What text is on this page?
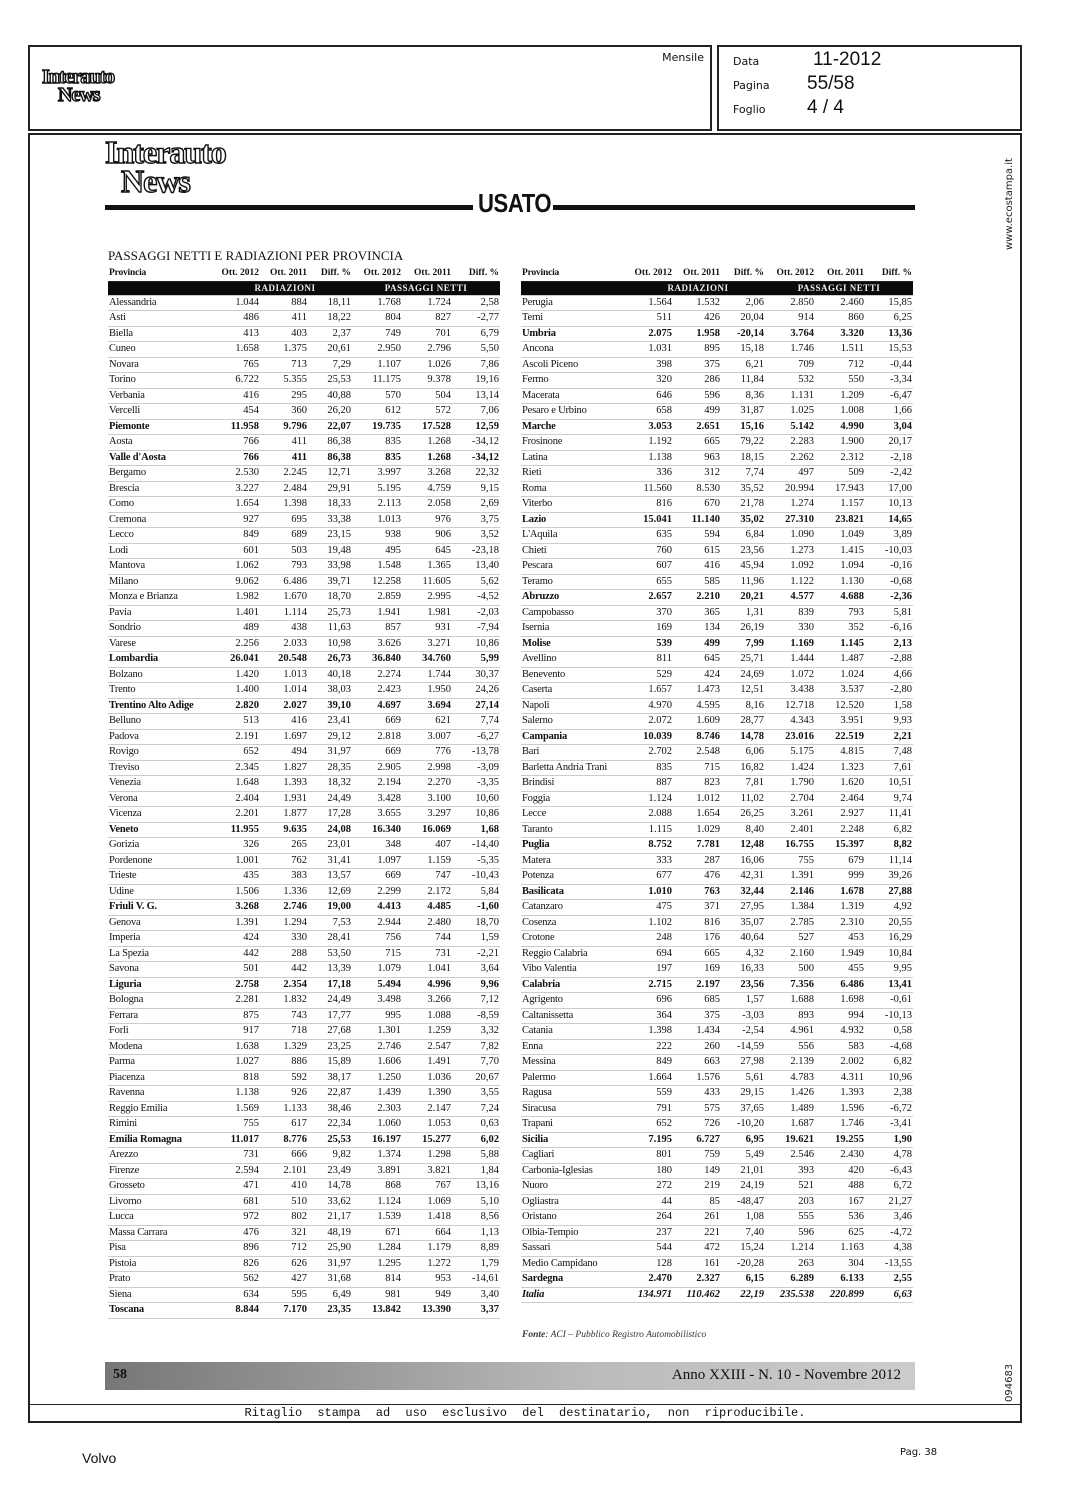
Mensile
Interauto
News
Data	11-2012
Pagina 55/58
Foglio 4 / 4
Interauto
News
USATO
PASSAGGI NETTI E RADIAZIONI PER PROVINCIA
Provincia	Ott. 2012	Ott. 2011	Diff. %	Ott. 2012	Ott. 2011	Diff. %
	RADIAZIONI			PASSAGGI NETTI		
Alessandria	1.044	884	18,11	1.768	1.724	2,58
Asti	486	411	18,22	804	827	-2,77
Biella	413	403	2,37	749	701	6,79
Cuneo	1.658	1.375	20,61	2.950	2.796	5,50
Novara	765	713	7,29	1.107	1.026	7,86
Torino	6.722	5.355	25,53	11.175	9.378	19,16
Verbania	416	295	40,88	570	504	13,14
Vercelli	454	360	26,20	612	572	7,06
Piemonte	11.958	9.796	22,07	19.735	17.528	12,59
Aosta	766	411	86,38	835	1.268	-34,12
Valle d'Aosta	766	411	86,38	835	1.268	-34,12
Bergamo	2.530	2.245	12,71	3.997	3.268	22,32
Brescia	3.227	2.484	29,91	5.195	4.759	9,15
Como	1.654	1.398	18,33	2.113	2.058	2,69
Cremona	927	695	33,38	1.013	976	3,75
Lecco	849	689	23,15	938	906	3,52
Lodi	601	503	19,48	495	645	-23,18
Mantova	1.062	793	33,98	1.548	1.365	13,40
Milano	9.062	6.486	39,71	12.258	11.605	5,62
Monza e Brianza	1.982	1.670	18,70	2.859	2.995	-4,52
Pavia	1.401	1.114	25,73	1.941	1.981	-2,03
Sondrio	489	438	11,63	857	931	-7,94
Varese	2.256	2.033	10,98	3.626	3.271	10,86
Lombardia	26.041	20.548	26,73	36.840	34.760	5,99
Bolzano	1.420	1.013	40,18	2.274	1.744	30,37
Trento	1.400	1.014	38,03	2.423	1.950	24,26
Trentino Alto Adige	2.820	2.027	39,10	4.697	3.694	27,14
Belluno	513	416	23,41	669	621	7,74
Padova	2.191	1.697	29,12	2.818	3.007	-6,27
Rovigo	652	494	31,97	669	776	-13,78
Treviso	2.345	1.827	28,35	2.905	2.998	-3,09
Venezia	1.648	1.393	18,32	2.194	2.270	-3,35
Verona	2.404	1.931	24,49	3.428	3.100	10,60
Vicenza	2.201	1.877	17,28	3.655	3.297	10,86
Veneto	11.955	9.635	24,08	16.340	16.069	1,68
Gorizia	326	265	23,01	348	407	-14,40
Pordenone	1.001	762	31,41	1.097	1.159	-5,35
Trieste	435	383	13,57	669	747	-10,43
Udine	1.506	1.336	12,69	2.299	2.172	5,84
Friuli V. G.	3.268	2.746	19,00	4.413	4.485	-1,60
Genova	1.391	1.294	7,53	2.944	2.480	18,70
Imperia	424	330	28,41	756	744	1,59
La Spezia	442	288	53,50	715	731	-2,21
Savona	501	442	13,39	1.079	1.041	3,64
Liguria	2.758	2.354	17,18	5.494	4.996	9,96
Bologna	2.281	1.832	24,49	3.498	3.266	7,12
Ferrara	875	743	17,77	995	1.088	-8,59
Forlì	917	718	27,68	1.301	1.259	3,32
Modena	1.638	1.329	23,25	2.746	2.547	7,82
Parma	1.027	886	15,89	1.606	1.491	7,70
Piacenza	818	592	38,17	1.250	1.036	20,67
Ravenna	1.138	926	22,87	1.439	1.390	3,55
Reggio Emilia	1.569	1.133	38,46	2.303	2.147	7,24
Rimini	755	617	22,34	1.060	1.053	0,63
Emilia Romagna	11.017	8.776	25,53	16.197	15.277	6,02
Arezzo	731	666	9,82	1.374	1.298	5,88
Firenze	2.594	2.101	23,49	3.891	3.821	1,84
Grosseto	471	410	14,78	868	767	13,16
Livorno	681	510	33,62	1.124	1.069	5,10
Lucca	972	802	21,17	1.539	1.418	8,56
Massa Carrara	476	321	48,19	671	664	1,13
Pisa	896	712	25,90	1.284	1.179	8,89
Pistoia	826	626	31,97	1.295	1.272	1,79
Prato	562	427	31,68	814	953	-14,61
Siena	634	595	6,49	981	949	3,40
Toscana	8.844	7.170	23,35	13.842	13.390	3,37
Provincia	Ott. 2012	Ott. 2011	Diff. %	Ott. 2012	Ott. 2011	Diff. %
	RADIAZIONI			PASSAGGI NETTI		
Perugia	1.564	1.532	2,06	2.850	2.460	15,85
Terni	511	426	20,04	914	860	6,25
Umbria	2.075	1.958	-20,14	3.764	3.320	13,36
Ancona	1.031	895	15,18	1.746	1.511	15,53
Ascoli Piceno	398	375	6,21	709	712	-0,44
Fermo	320	286	11,84	532	550	-3,34
Macerata	646	596	8,36	1.131	1.209	-6,47
Pesaro e Urbino	658	499	31,87	1.025	1.008	1,66
Marche	3.053	2.651	15,16	5.142	4.990	3,04
Frosinone	1.192	665	79,22	2.283	1.900	20,17
Latina	1.138	963	18,15	2.262	2.312	-2,18
Rieti	336	312	7,74	497	509	-2,42
Roma	11.560	8.530	35,52	20.994	17.943	17,00
Viterbo	816	670	21,78	1.274	1.157	10,13
Lazio	15.041	11.140	35,02	27.310	23.821	14,65
L'Aquila	635	594	6,84	1.090	1.049	3,89
Chieti	760	615	23,56	1.273	1.415	-10,03
Pescara	607	416	45,94	1.092	1.094	-0,16
Teramo	655	585	11,96	1.122	1.130	-0,68
Abruzzo	2.657	2.210	20,21	4.577	4.688	-2,36
Campobasso	370	365	1,31	839	793	5,81
Isernia	169	134	26,19	330	352	-6,16
Molise	539	499	7,99	1.169	1.145	2,13
Avellino	811	645	25,71	1.444	1.487	-2,88
Benevento	529	424	24,69	1.072	1.024	4,66
Caserta	1.657	1.473	12,51	3.438	3.537	-2,80
Napoli	4.970	4.595	8,16	12.718	12.520	1,58
Salerno	2.072	1.609	28,77	4.343	3.951	9,93
Campania	10.039	8.746	14,78	23.016	22.519	2,21
Bari	2.702	2.548	6,06	5.175	4.815	7,48
Barletta Andria Trani	835	715	16,82	1.424	1.323	7,61
Brindisi	887	823	7,81	1.790	1.620	10,51
Foggia	1.124	1.012	11,02	2.704	2.464	9,74
Lecce	2.088	1.654	26,25	3.261	2.927	11,41
Taranto	1.115	1.029	8,40	2.401	2.248	6,82
Puglia	8.752	7.781	12,48	16.755	15.397	8,82
Matera	333	287	16,06	755	679	11,14
Potenza	677	476	42,31	1.391	999	39,26
Basilicata	1.010	763	32,44	2.146	1.678	27,88
Catanzaro	475	371	27,95	1.384	1.319	4,92
Cosenza	1.102	816	35,07	2.785	2.310	20,55
Crotone	248	176	40,64	527	453	16,29
Reggio Calabria	694	665	4,32	2.160	1.949	10,84
Vibo Valentia	197	169	16,33	500	455	9,95
Calabria	2.715	2.197	23,56	7.356	6.486	13,41
Agrigento	696	685	1,57	1.688	1.698	-0,61
Caltanissetta	364	375	-3,03	893	994	-10,13
Catania	1.398	1.434	-2,54	4.961	4.932	0,58
Enna	222	260	-14,59	556	583	-4,68
Messina	849	663	27,98	2.139	2.002	6,82
Palermo	1.664	1.576	5,61	4.783	4.311	10,96
Ragusa	559	433	29,15	1.426	1.393	2,38
Siracusa	791	575	37,65	1.489	1.596	-6,72
Trapani	652	726	-10,20	1.687	1.746	-3,41
Sicilia	7.195	6.727	6,95	19.621	19.255	1,90
Cagliari	801	759	5,49	2.546	2.430	4,78
Carbonia-Iglesias	180	149	21,01	393	420	-6,43
Nuoro	272	219	24,19	521	488	6,72
Ogliastra	44	85	-48,47	203	167	21,27
Oristano	264	261	1,08	555	536	3,46
Olbia-Tempio	237	221	7,40	596	625	-4,72
Sassari	544	472	15,24	1.214	1.163	4,38
Medio Campidano	128	161	-20,28	263	304	-13,55
Sardegna	2.470	2.327	6,15	6.289	6.133	2,55
Italia	134.971	110.462	22,19	235.538	220.899	6,63
Fonte: ACI – Pubblico Registro Automobilistico
58	Anno XXIII - N. 10 - Novembre 2012
Ritaglio stampa ad uso esclusivo del destinatario, non riproducibile.
www.ecostampa.it
094683
Volvo	Pag. 38
